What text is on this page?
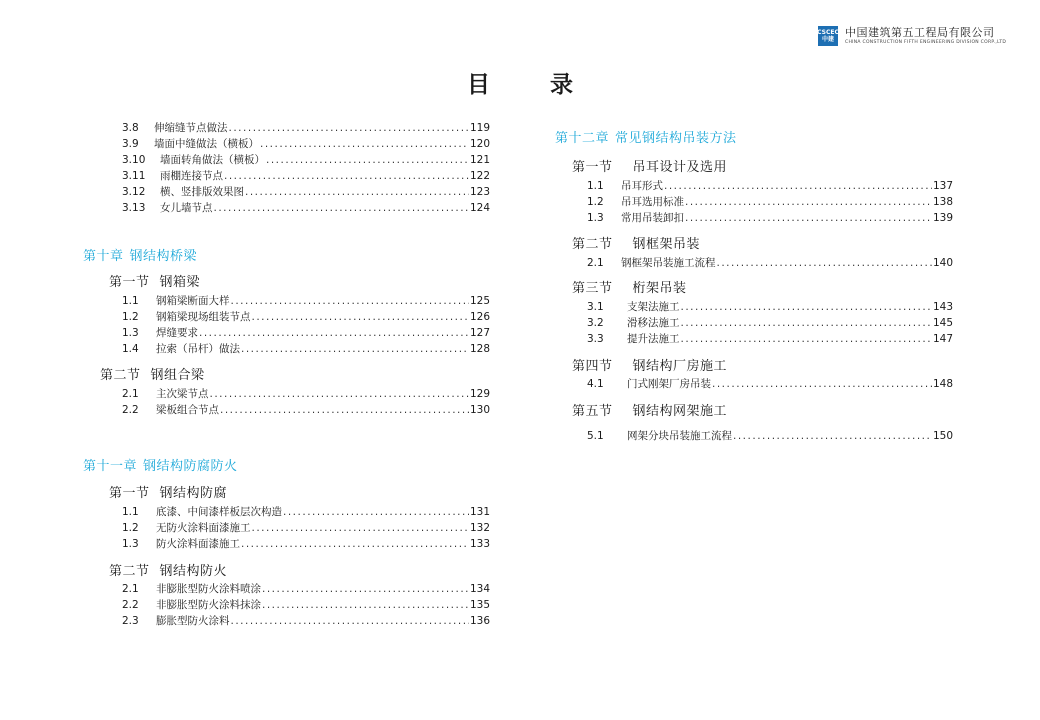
CSCEC
中建
中国建筑第五工程局有限公司
CHINA CONSTRUCTION FIFTH ENGINEERING DIVISION CORP.,LTD
目 录
3.8	伸缩缝节点做法 .....	119
3.9	墙面中缝做法（横板） .....	120
3.10	墙面转角做法（横板） .....	121
3.11	雨棚连接节点 .....	122
3.12	横、竖排版效果图 .....	123
3.13	女儿墙节点 .....	124
第十章 钢结构桥梁
第一节 钢箱梁
1.1	钢箱梁断面大样 .....	125
1.2	钢箱梁现场组装节点 .....	126
1.3	焊缝要求 .....	127
1.4	拉索（吊杆）做法 .....	128
第二节 钢组合梁
2.1	主次梁节点 .....	129
2.2	梁板组合节点 .....	130
第十一章 钢结构防腐防火
第一节 钢结构防腐
1.1	底漆、中间漆样板层次构造 .....	131
1.2	无防火涂料面漆施工 .....	132
1.3	防火涂料面漆施工 .....	133
第二节 钢结构防火
2.1	非膨胀型防火涂料喷涂 .....	134
2.2	非膨胀型防火涂料抹涂 .....	135
2.3	膨胀型防火涂料 .....	136
第十二章 常见钢结构吊装方法
第一节 吊耳设计及选用
1.1	吊耳形式 .....	137
1.2	吊耳选用标准 .....	138
1.3	常用吊装卸扣 .....	139
第二节 钢框架吊装
2.1	钢框架吊装施工流程 .....	140
第三节 桁架吊装
3.1	支架法施工 .....	143
3.2	滑移法施工 .....	145
3.3	提升法施工 .....	147
第四节 钢结构厂房施工
4.1	门式刚架厂房吊装 .....	148
第五节 钢结构网架施工
5.1	网架分块吊装施工流程 .....	150
